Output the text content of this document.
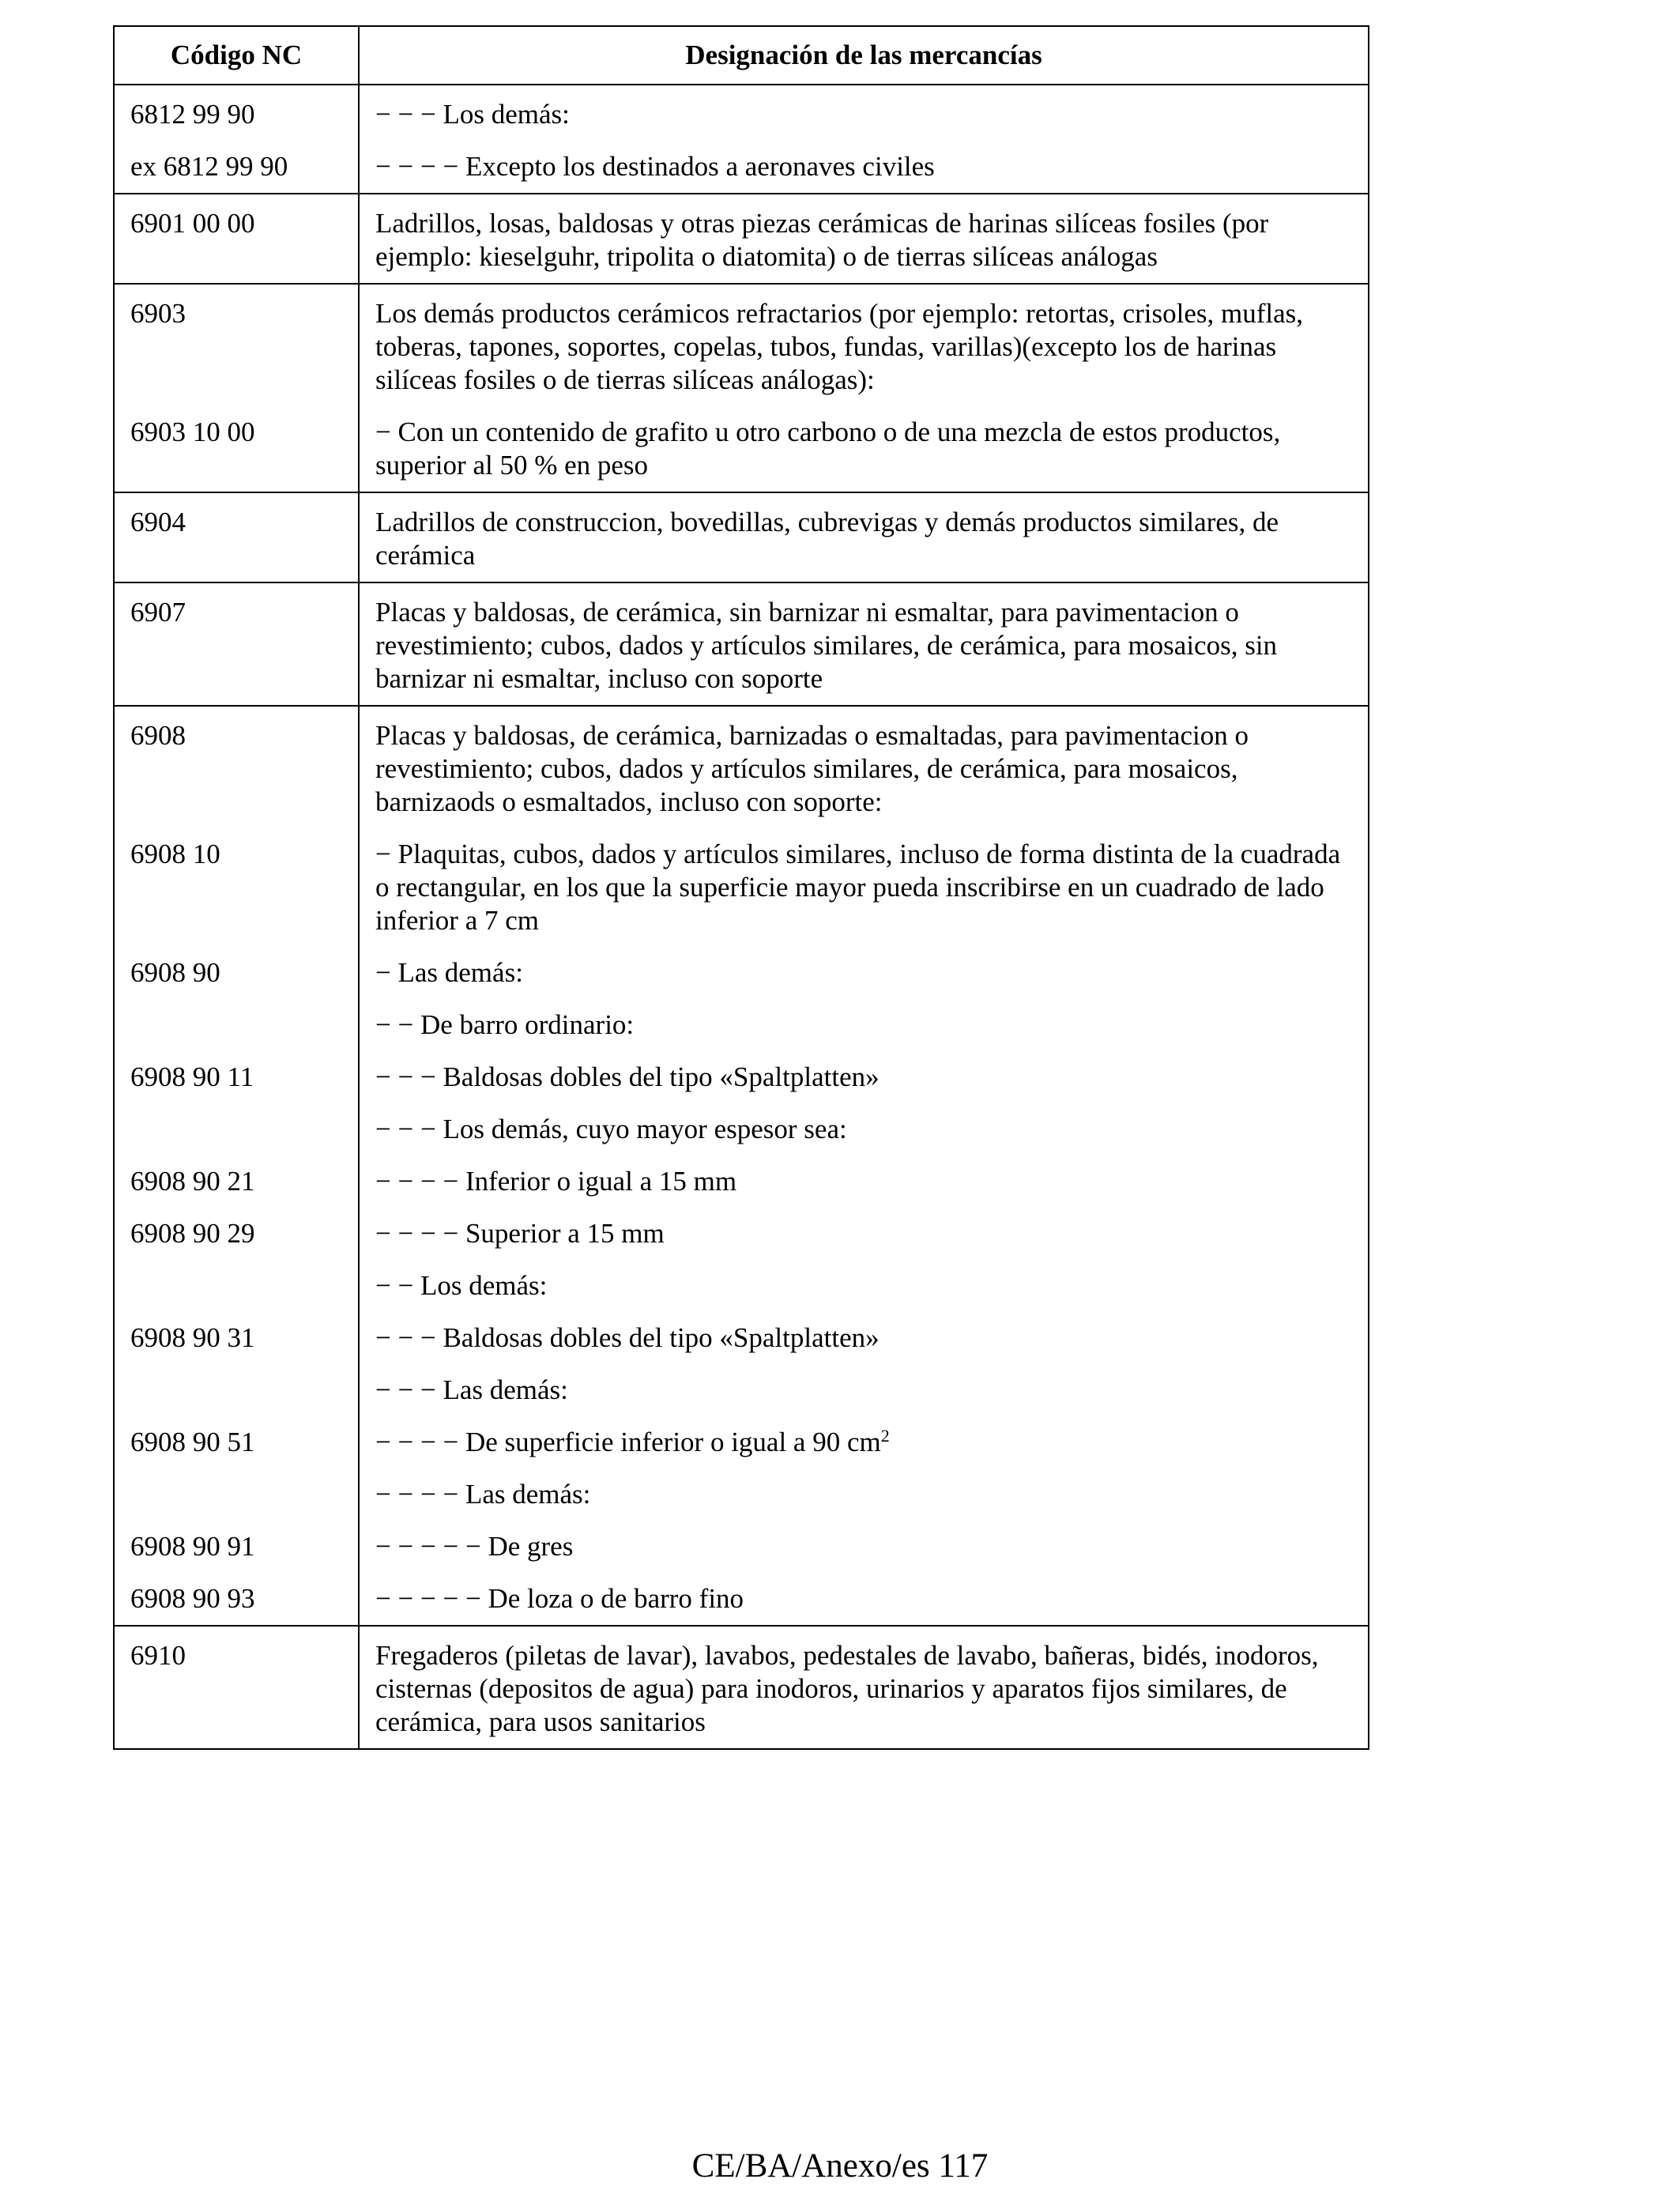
Código NC	Designación de las mercancías
6812 99 90	− − − Los demás:
ex 6812 99 90	− − − − Excepto los destinados a aeronaves civiles
6901 00 00	Ladrillos, losas, baldosas y otras piezas cerámicas de harinas silíceas fosiles (por ejemplo: kieselguhr, tripolita o diatomita) o de tierras silíceas análogas
6903	Los demás productos cerámicos refractarios (por ejemplo: retortas, crisoles, muflas, toberas, tapones, soportes, copelas, tubos, fundas, varillas)(excepto los de harinas silíceas fosiles o de tierras silíceas análogas):
6903 10 00	− Con un contenido de grafito u otro carbono o de una mezcla de estos productos, superior al 50 % en peso
6904	Ladrillos de construccion, bovedillas, cubrevigas y demás productos similares, de cerámica
6907	Placas y baldosas, de cerámica, sin barnizar ni esmaltar, para pavimentacion o revestimiento; cubos, dados y artículos similares, de cerámica, para mosaicos, sin barnizar ni esmaltar, incluso con soporte
6908	Placas y baldosas, de cerámica, barnizadas o esmaltadas, para pavimentacion o revestimiento; cubos, dados y artículos similares, de cerámica, para mosaicos, barnizaods o esmaltados, incluso con soporte:
6908 10	− Plaquitas, cubos, dados y artículos similares, incluso de forma distinta de la cuadrada o rectangular, en los que la superficie mayor pueda inscribirse en un cuadrado de lado inferior a 7 cm
6908 90	− Las demás:
	− − De barro ordinario:
6908 90 11	− − − Baldosas dobles del tipo «Spaltplatten»
	− − − Los demás, cuyo mayor espesor sea:
6908 90 21	− − − − Inferior o igual a 15 mm
6908 90 29	− − − − Superior a 15 mm
	− − Los demás:
6908 90 31	− − − Baldosas dobles del tipo «Spaltplatten»
	− − − Las demás:
6908 90 51	− − − − De superficie inferior o igual a 90 $cm^2$
	− − − − Las demás:
6908 90 91	− − − − − De gres
6908 90 93	− − − − − De loza o de barro fino
6910	Fregaderos (piletas de lavar), lavabos, pedestales de lavabo, bañeras, bidés, inodoros, cisternas (depositos de agua) para inodoros, urinarios y aparatos fijos similares, de cerámica, para usos sanitarios
CE/BA/Anexo/es 117
